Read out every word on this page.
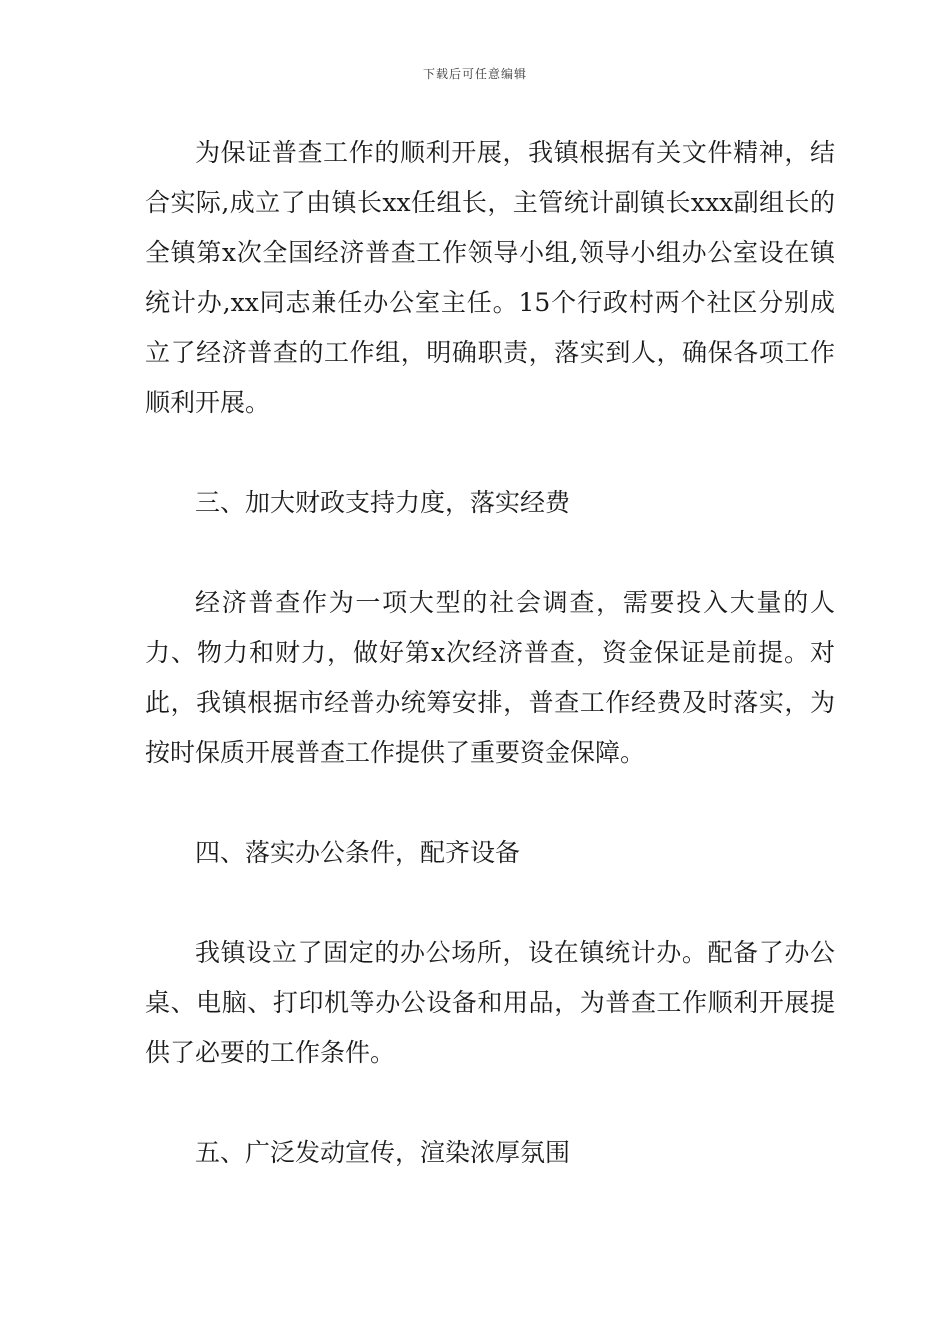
下载后可任意编辑

为保证普查工作的顺利开展，我镇根据有关文件精神，结合实际,成立了由镇长xx任组长，主管统计副镇长xxx副组长的全镇第x次全国经济普查工作领导小组,领导小组办公室设在镇统计办,xx同志兼任办公室主任。15个行政村两个社区分别成立了经济普查的工作组，明确职责，落实到人，确保各项工作顺利开展。

三、加大财政支持力度，落实经费

经济普查作为一项大型的社会调查，需要投入大量的人力、物力和财力，做好第x次经济普查，资金保证是前提。对此，我镇根据市经普办统筹安排，普查工作经费及时落实，为按时保质开展普查工作提供了重要资金保障。

四、落实办公条件，配齐设备

我镇设立了固定的办公场所，设在镇统计办。配备了办公桌、电脑、打印机等办公设备和用品，为普查工作顺利开展提供了必要的工作条件。

五、广泛发动宣传，渲染浓厚氛围
